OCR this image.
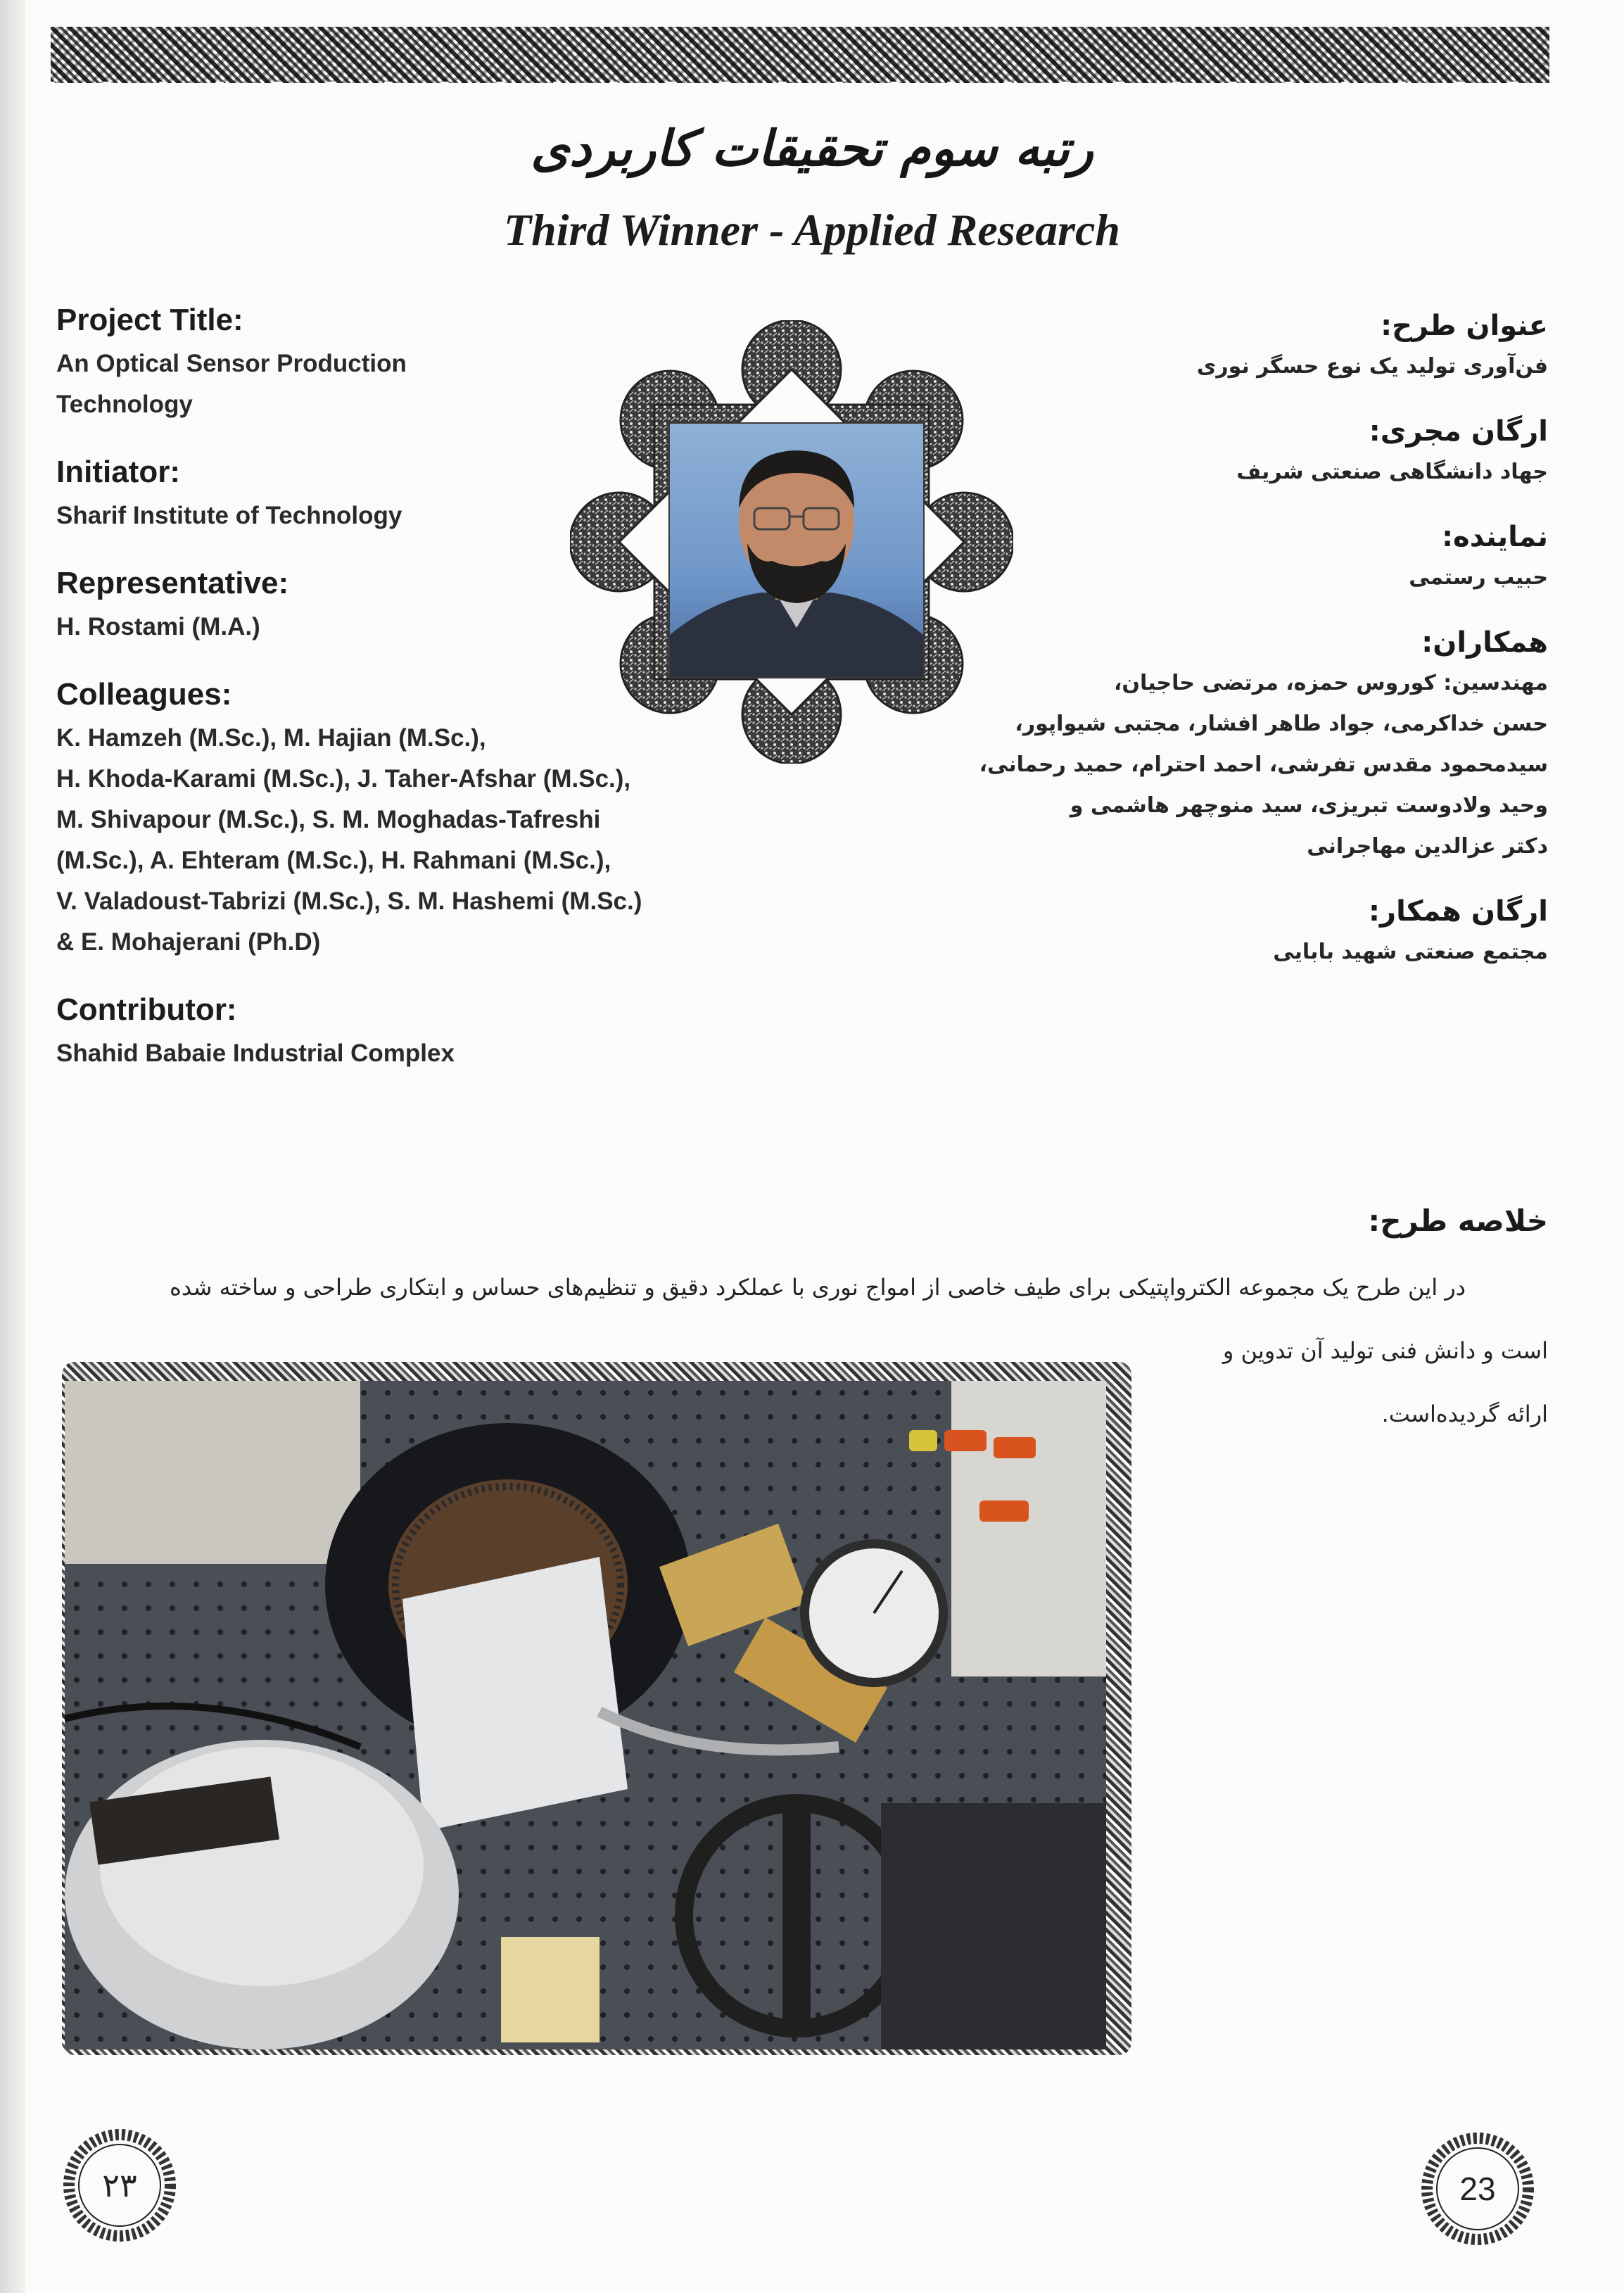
رتبه سوم تحقیقات کاربردی
Third Winner - Applied Research
Project Title:
An Optical Sensor Production
Technology
Initiator:
Sharif Institute of Technology
Representative:
H. Rostami (M.A.)
Colleagues:
K. Hamzeh (M.Sc.), M. Hajian (M.Sc.),
H. Khoda-Karami (M.Sc.), J. Taher-Afshar (M.Sc.),
M. Shivapour (M.Sc.), S. M. Moghadas-Tafreshi
(M.Sc.), A. Ehteram (M.Sc.), H. Rahmani (M.Sc.),
V. Valadoust-Tabrizi (M.Sc.), S. M. Hashemi (M.Sc.)
& E. Mohajerani (Ph.D)
Contributor:
Shahid Babaie Industrial Complex
عنوان طرح:
فن‌آوری تولید یک نوع حسگر نوری
ارگان مجری:
جهاد دانشگاهی صنعتی شریف
نماینده:
حبیب رستمی
همکاران:
مهندسین: کوروس حمزه، مرتضی حاجیان،
حسن خداکرمی، جواد طاهر افشار، مجتبی شیواپور،
سیدمحمود مقدس تفرشی، احمد احترام، حمید رحمانی،
وحید ولادوست تبریزی، سید منوچهر هاشمی و
دکتر عزالدین مهاجرانی
ارگان همکار:
مجتمع صنعتی شهید بابایی
خلاصه طرح:
در این طرح یک مجموعه الکترواپتیکی برای طیف خاصی از امواج نوری با عملکرد دقیق و تنظیم‌های حساس و ابتکاری طراحی و ساخته شده
است و دانش فنی تولید آن تدوین و
ارائه گردیده‌است.
۲۳	23
